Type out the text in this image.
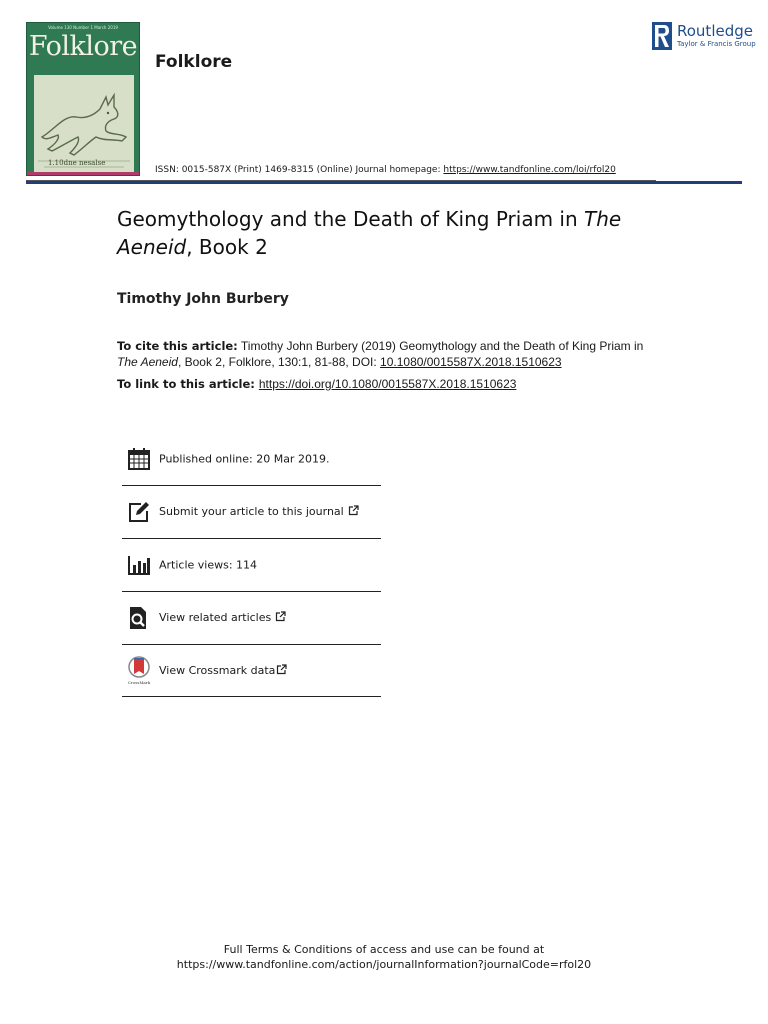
Volume 130 Number 1 March 2019
Folklore
1.10dne nesalse
Folklore
Routledge
Taylor & Francis Group
ISSN: 0015-587X (Print) 1469-8315 (Online) Journal homepage: https://www.tandfonline.com/loi/rfol20
Geomythology and the Death of King Priam in The Aeneid, Book 2
Timothy John Burbery
To cite this article: Timothy John Burbery (2019) Geomythology and the Death of King Priam in The Aeneid, Book 2, Folklore, 130:1, 81-88, DOI: 10.1080/0015587X.2018.1510623
To link to this article: https://doi.org/10.1080/0015587X.2018.1510623
Published online: 20 Mar 2019.
Submit your article to this journal
Article views: 114
View related articles
CrossMark
View Crossmark data
Full Terms & Conditions of access and use can be found at
https://www.tandfonline.com/action/journalInformation?journalCode=rfol20
